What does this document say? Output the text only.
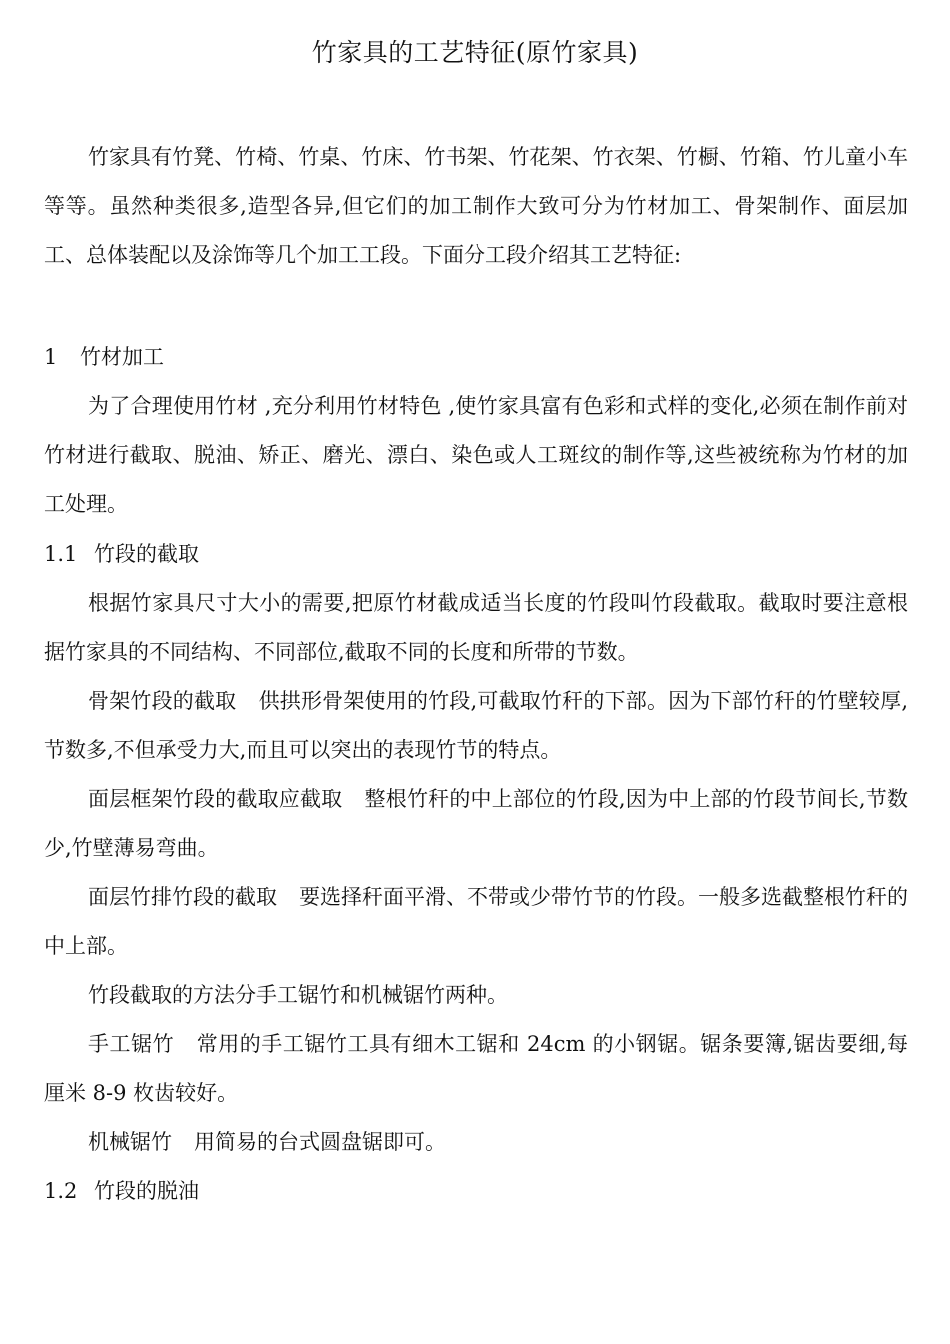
竹家具的工艺特征(原竹家具)

竹家具有竹凳、竹椅、竹桌、竹床、竹书架、竹花架、竹衣架、竹橱、竹箱、竹儿童小车等等。虽然种类很多,造型各异,但它们的加工制作大致可分为竹材加工、骨架制作、面层加工、总体装配以及涂饰等几个加工工段。下面分工段介绍其工艺特征:

1 竹材加工

为了合理使用竹材 ,充分利用竹材特色 ,使竹家具富有色彩和式样的变化,必须在制作前对竹材进行截取、脱油、矫正、磨光、漂白、染色或人工斑纹的制作等,这些被统称为竹材的加工处理。

1.1 竹段的截取

根据竹家具尺寸大小的需要,把原竹材截成适当长度的竹段叫竹段截取。截取时要注意根据竹家具的不同结构、不同部位,截取不同的长度和所带的节数。

骨架竹段的截取 供拱形骨架使用的竹段,可截取竹秆的下部。因为下部竹秆的竹壁较厚,节数多,不但承受力大,而且可以突出的表现竹节的特点。

面层框架竹段的截取应截取 整根竹秆的中上部位的竹段,因为中上部的竹段节间长,节数少,竹壁薄易弯曲。

面层竹排竹段的截取 要选择秆面平滑、不带或少带竹节的竹段。一般多选截整根竹秆的中上部。

竹段截取的方法分手工锯竹和机械锯竹两种。

手工锯竹 常用的手工锯竹工具有细木工锯和 24cm 的小钢锯。锯条要簿,锯齿要细,每厘米 8-9 枚齿较好。

机械锯竹 用简易的台式圆盘锯即可。

1.2 竹段的脱油
